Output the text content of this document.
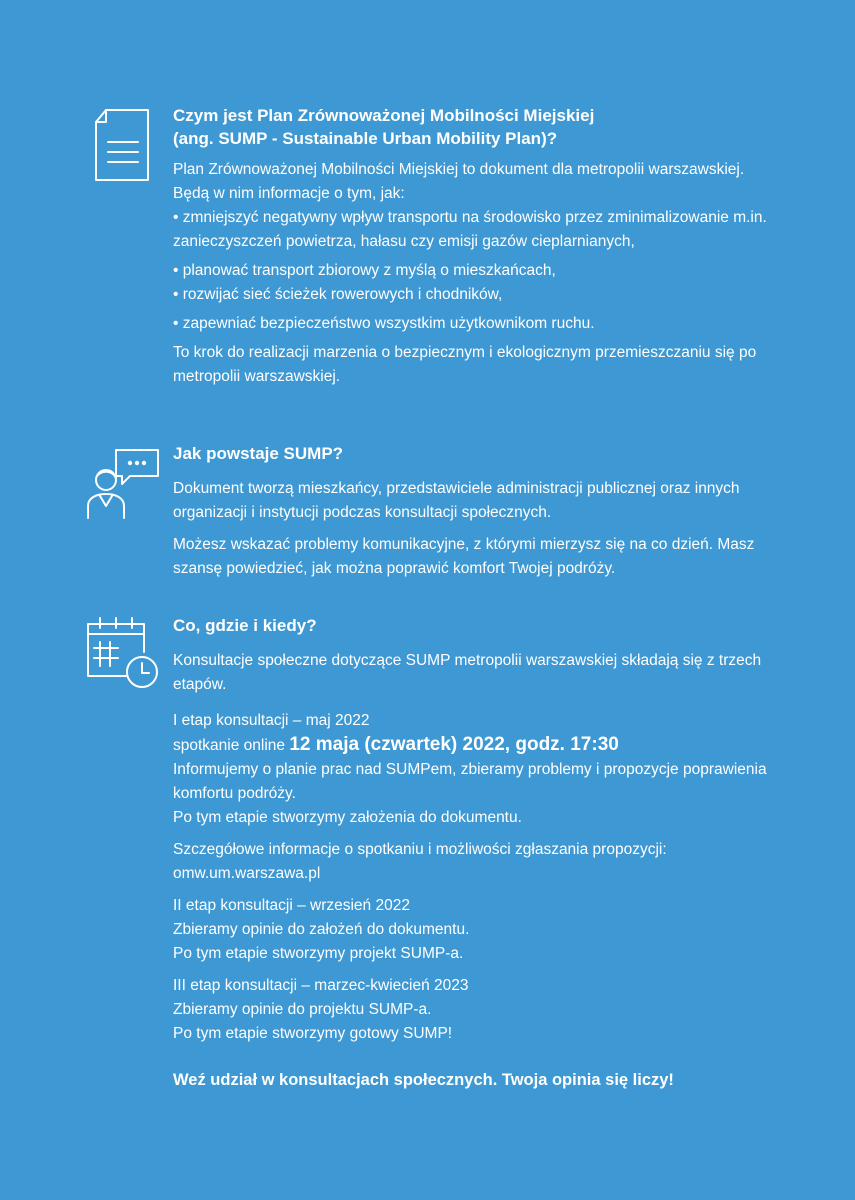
Czym jest Plan Zrównoważonej Mobilności Miejskiej
(ang. SUMP - Sustainable Urban Mobility Plan)?

Plan Zrównoważonej Mobilności Miejskiej to dokument dla metropolii warszawskiej. Będą w nim informacje o tym, jak:

• zmniejszyć negatywny wpływ transportu na środowisko przez zminimalizowanie m.in. zanieczyszczeń powietrza, hałasu czy emisji gazów cieplarnianych,

• planować transport zbiorowy z myślą o mieszkańcach,

• rozwijać sieć ścieżek rowerowych i chodników,

• zapewniać bezpieczeństwo wszystkim użytkownikom ruchu.

To krok do realizacji marzenia o bezpiecznym i ekologicznym przemieszczaniu się po metropolii warszawskiej.

Jak powstaje SUMP?

Dokument tworzą mieszkańcy, przedstawiciele administracji publicznej oraz innych organizacji i instytucji podczas konsultacji społecznych.

Możesz wskazać problemy komunikacyjne, z którymi mierzysz się na co dzień. Masz szansę powiedzieć, jak można poprawić komfort Twojej podróży.

Co, gdzie i kiedy?

Konsultacje społeczne dotyczące SUMP metropolii warszawskiej składają się z trzech etapów.

I etap konsultacji – maj 2022

spotkanie online 12 maja (czwartek) 2022, godz. 17:30

Informujemy o planie prac nad SUMPem, zbieramy problemy i propozycje poprawienia komfortu podróży.

Po tym etapie stworzymy założenia do dokumentu.

Szczegółowe informacje o spotkaniu i możliwości zgłaszania propozycji:

omw.um.warszawa.pl

II etap konsultacji – wrzesień 2022

Zbieramy opinie do założeń do dokumentu.

Po tym etapie stworzymy projekt SUMP-a.

III etap konsultacji – marzec-kwiecień 2023

Zbieramy opinie do projektu SUMP-a.

Po tym etapie stworzymy gotowy SUMP!

Weź udział w konsultacjach społecznych. Twoja opinia się liczy!
